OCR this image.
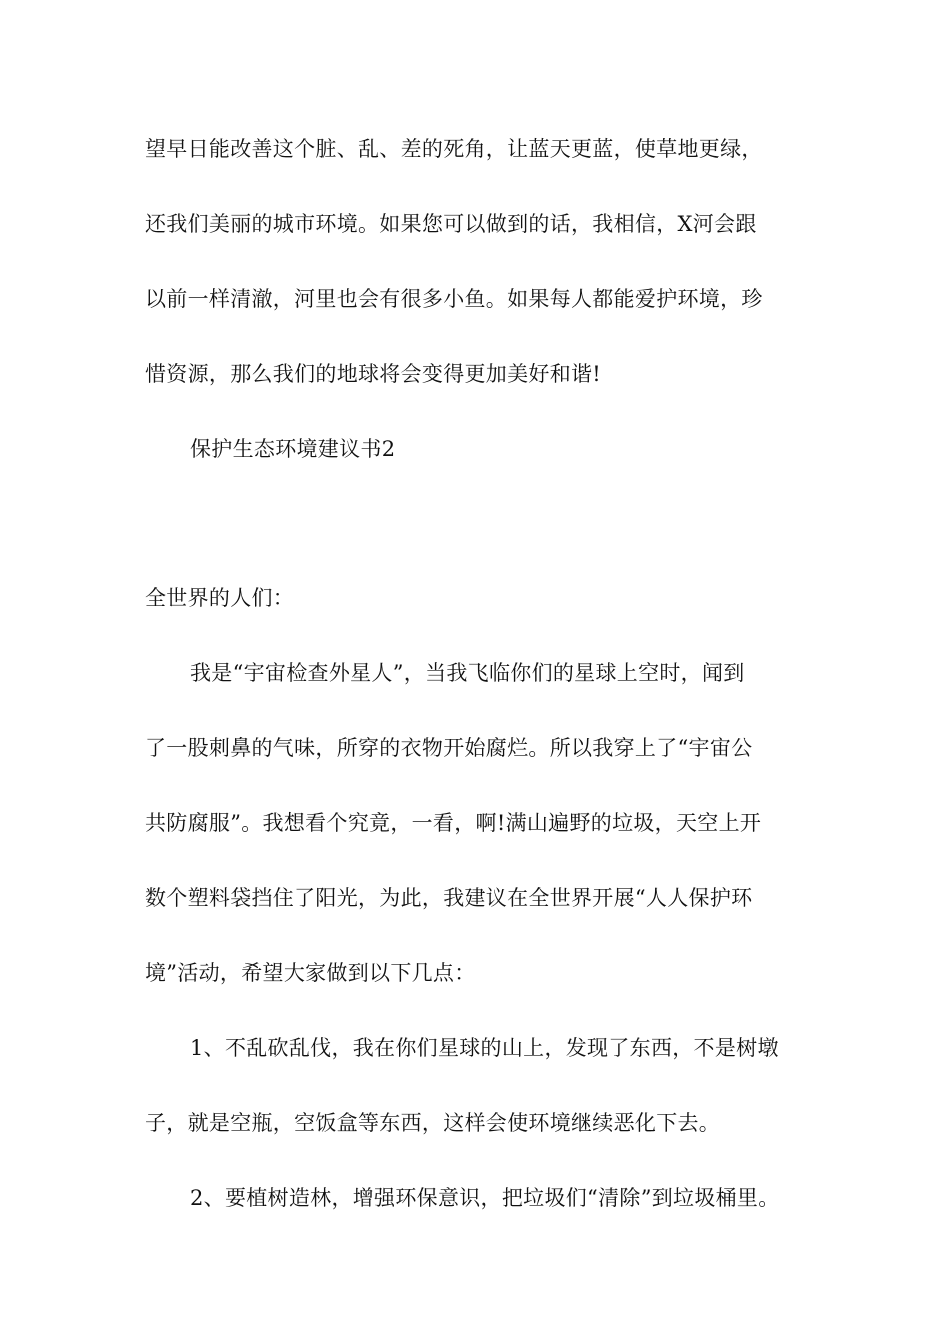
望早日能改善这个脏、乱、差的死角，让蓝天更蓝，使草地更绿，
还我们美丽的城市环境。如果您可以做到的话，我相信，X河会跟
以前一样清澈，河里也会有很多小鱼。如果每人都能爱护环境，珍
惜资源，那么我们的地球将会变得更加美好和谐!
保护生态环境建议书2
全世界的人们：
我是“宇宙检查外星人”，当我飞临你们的星球上空时，闻到
了一股刺鼻的气味，所穿的衣物开始腐烂。所以我穿上了“宇宙公
共防腐服”。我想看个究竟，一看，啊!满山遍野的垃圾，天空上开
数个塑料袋挡住了阳光，为此，我建议在全世界开展“人人保护环
境”活动，希望大家做到以下几点：
1、不乱砍乱伐，我在你们星球的山上，发现了东西，不是树墩
子，就是空瓶，空饭盒等东西，这样会使环境继续恶化下去。
2、要植树造林，增强环保意识，把垃圾们“清除”到垃圾桶里。
